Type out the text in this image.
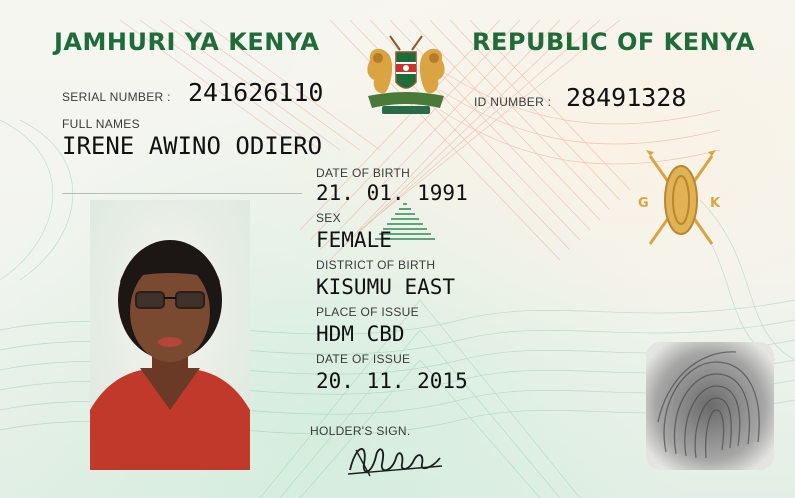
JAMHURI YA KENYA	REPUBLIC OF KENYA
SERIAL NUMBER : 241626110	ID NUMBER : 28491328
FULL NAMES
IRENE AWINO ODIERO
DATE OF BIRTH
21. 01. 1991
SEX
FEMALE
DISTRICT OF BIRTH
KISUMU EAST
PLACE OF ISSUE
HDM CBD
DATE OF ISSUE
20. 11. 2015
HOLDER'S SIGN.
G	K
